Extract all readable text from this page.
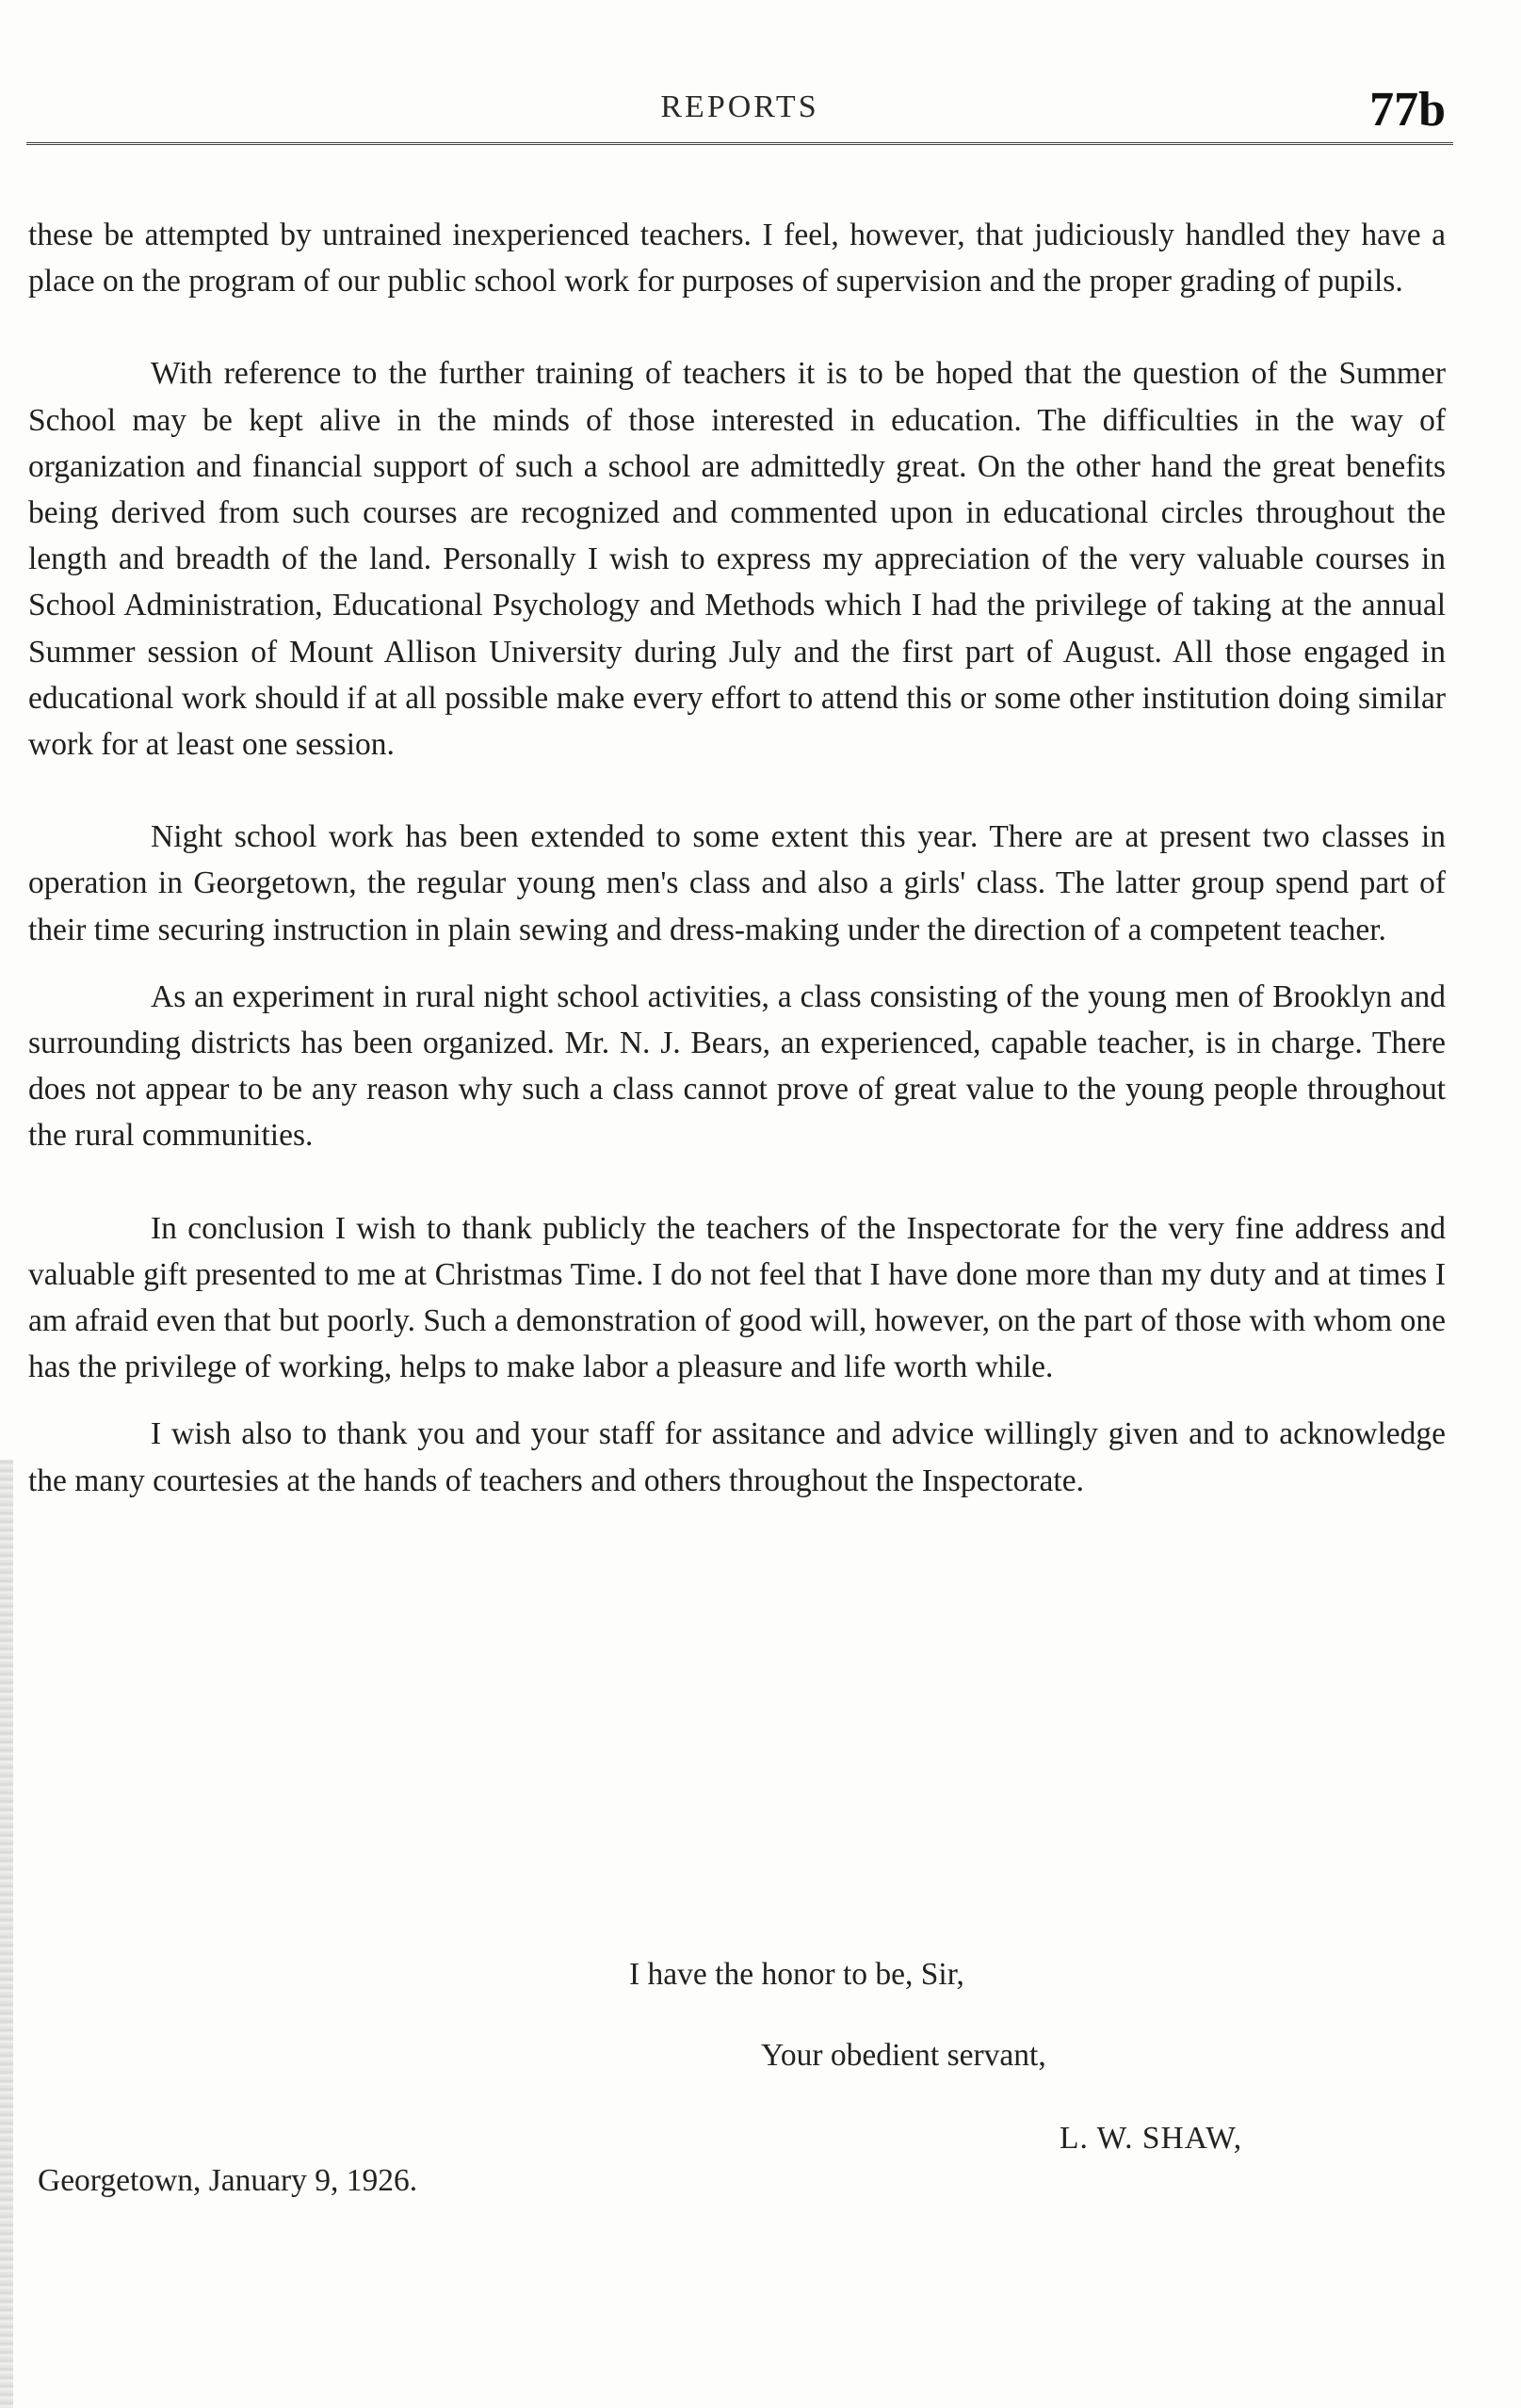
REPORTS	77b

these be attempted by untrained inexperienced teachers. I feel, however, that judiciously handled they have a place on the program of our public school work for purposes of supervision and the proper grading of pupils.

With reference to the further training of teachers it is to be hoped that the question of the Summer School may be kept alive in the minds of those interested in education. The difficulties in the way of organization and financial support of such a school are admittedly great. On the other hand the great benefits being derived from such courses are recognized and commented upon in educational circles throughout the length and breadth of the land. Personally I wish to express my appreciation of the very valuable courses in School Administration, Educational Psychology and Methods which I had the privilege of taking at the annual Summer session of Mount Allison University during July and the first part of August. All those engaged in educational work should if at all possible make every effort to attend this or some other institution doing similar work for at least one session.

Night school work has been extended to some extent this year. There are at present two classes in operation in Georgetown, the regular young men's class and also a girls' class. The latter group spend part of their time securing instruction in plain sewing and dress-making under the direction of a competent teacher.

As an experiment in rural night school activities, a class consisting of the young men of Brooklyn and surrounding districts has been organized. Mr. N. J. Bears, an experienced, capable teacher, is in charge. There does not appear to be any reason why such a class cannot prove of great value to the young people throughout the rural communities.

In conclusion I wish to thank publicly the teachers of the Inspectorate for the very fine address and valuable gift presented to me at Christmas Time. I do not feel that I have done more than my duty and at times I am afraid even that but poorly. Such a demonstration of good will, however, on the part of those with whom one has the privilege of working, helps to make labor a pleasure and life worth while.

I wish also to thank you and your staff for assitance and advice willingly given and to acknowledge the many courtesies at the hands of teachers and others throughout the Inspectorate.

I have the honor to be, Sir,
Your obedient servant,
L. W. SHAW,
Georgetown, January 9, 1926.
